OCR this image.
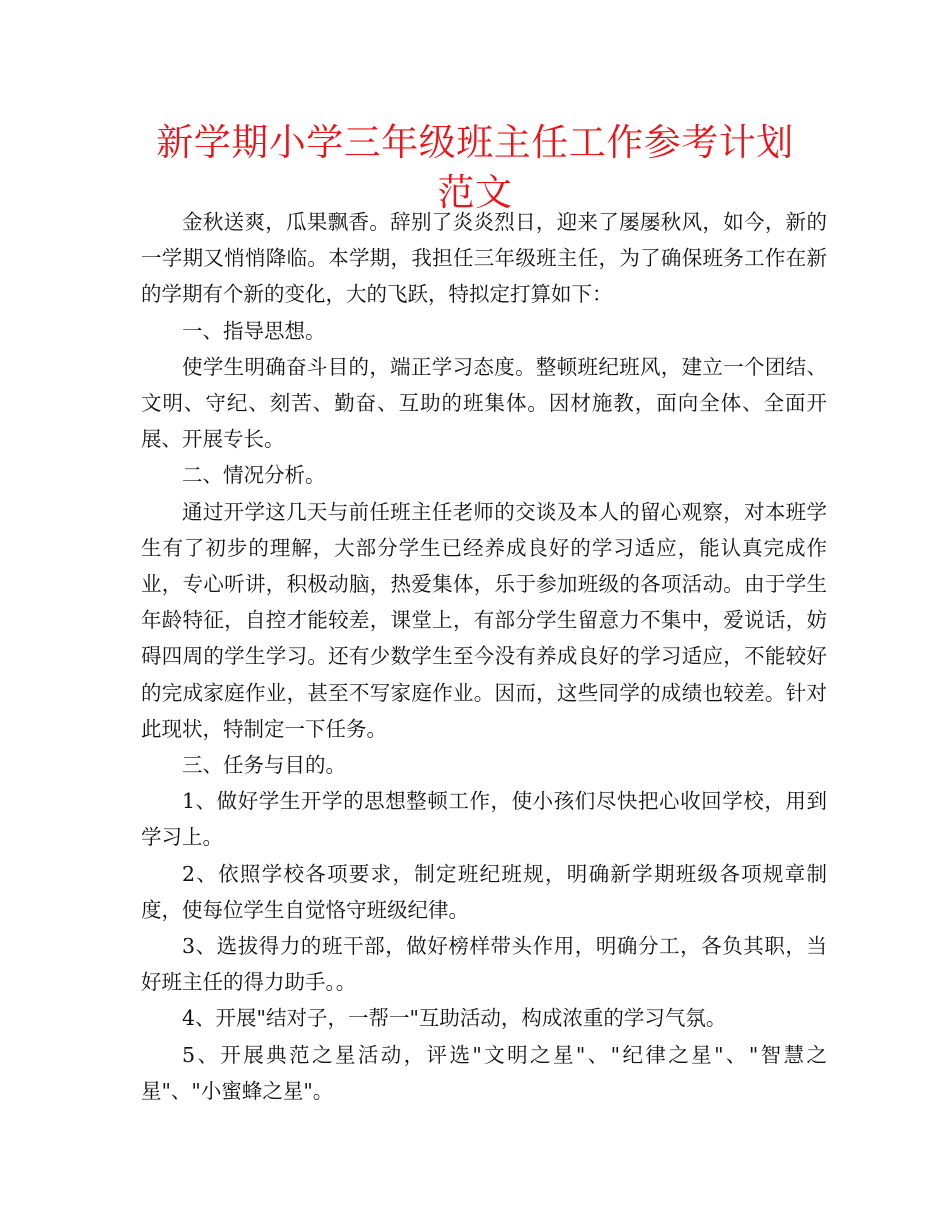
新学期小学三年级班主任工作参考计划范文

金秋送爽，瓜果飘香。辞别了炎炎烈日，迎来了屡屡秋风，如今，新的一学期又悄悄降临。本学期，我担任三年级班主任，为了确保班务工作在新的学期有个新的变化，大的飞跃，特拟定打算如下：

一、指导思想。

使学生明确奋斗目的，端正学习态度。整顿班纪班风，建立一个团结、文明、守纪、刻苦、勤奋、互助的班集体。因材施教，面向全体、全面开展、开展专长。

二、情况分析。

通过开学这几天与前任班主任老师的交谈及本人的留心观察，对本班学生有了初步的理解，大部分学生已经养成良好的学习适应，能认真完成作业，专心听讲，积极动脑，热爱集体，乐于参加班级的各项活动。由于学生年龄特征，自控才能较差，课堂上，有部分学生留意力不集中，爱说话，妨碍四周的学生学习。还有少数学生至今没有养成良好的学习适应，不能较好的完成家庭作业，甚至不写家庭作业。因而，这些同学的成绩也较差。针对此现状，特制定一下任务。

三、任务与目的。

1、做好学生开学的思想整顿工作，使小孩们尽快把心收回学校，用到学习上。

2、依照学校各项要求，制定班纪班规，明确新学期班级各项规章制度，使每位学生自觉恪守班级纪律。

3、选拔得力的班干部，做好榜样带头作用，明确分工，各负其职，当好班主任的得力助手。。

4、开展"结对子，一帮一"互助活动，构成浓重的学习气氛。

5、开展典范之星活动，评选"文明之星"、"纪律之星"、"智慧之星"、"小蜜蜂之星"。
